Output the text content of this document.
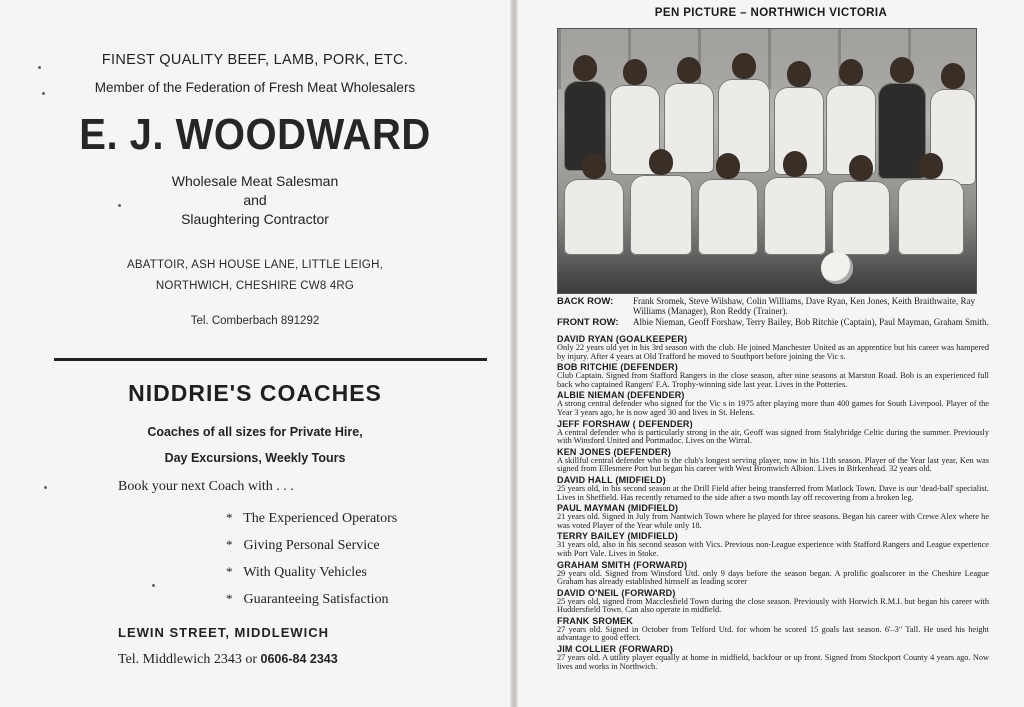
FINEST QUALITY BEEF, LAMB, PORK, ETC.
Member of the Federation of Fresh Meat Wholesalers
E. J. WOODWARD
Wholesale Meat Salesman
and
Slaughtering Contractor
ABATTOIR, ASH HOUSE LANE, LITTLE LEIGH,
NORTHWICH, CHESHIRE CW8 4RG
Tel. Comberbach 891292
NIDDRIE'S COACHES
Coaches of all sizes for Private Hire,
Day Excursions, Weekly Tours
Book your next Coach with . . .
* The Experienced Operators
* Giving Personal Service
* With Quality Vehicles
* Guaranteeing Satisfaction
LEWIN STREET, MIDDLEWICH
Tel. Middlewich 2343 or 0606-84 2343
PEN PICTURE – NORTHWICH VICTORIA
BACK ROW:	Frank Sromek, Steve Wilshaw, Colin Williams, Dave Ryan, Ken Jones, Keith Braithwaite, Ray Williams (Manager), Ron Reddy (Trainer).
FRONT ROW:	Albie Nieman, Geoff Forshaw, Terry Bailey, Bob Ritchie (Captain), Paul Mayman, Graham Smith.
DAVID RYAN (GOALKEEPER)

Only 22 years old yet in his 3rd season with the club. He joined Manchester United as an apprentice but his career was hampered by injury. After 4 years at Old Trafford he moved to Southport before joining the Vic s.

BOB RITCHIE (DEFENDER)

Club Captain. Signed from Stafford Rangers in the close season, after nine seasons at Marston Road. Bob is an experienced full back who captained Rangers' F.A. Trophy-winning side last year. Lives in the Potteries.

ALBIE NIEMAN (DEFENDER)

A strong central defender who signed for the Vic s in 1975 after playing more than 400 games for South Liverpool. Player of the Year 3 years ago, he is now aged 30 and lives in St. Helens.

JEFF FORSHAW ( DEFENDER)

A central defender who is particularly strong in the air, Geoff was signed from Stalybridge Celtic during the summer. Previously with Winsford United and Portmadoc. Lives on the Wirral.

KEN JONES (DEFENDER)

A skillful central defender who is the club's longest serving player, now in his 11th season. Player of the Year last year, Ken was signed from Ellesmere Port but began his career with West Bromwich Albion. Lives in Birkenhead. 32 years old.

DAVID HALL (MIDFIELD)

25 years old, in his second season at the Drill Field after being transferred from Matlock Town. Dave is our 'dead-ball' specialist. Lives in Sheffield. Has recently returned to the side after a two month lay off recovering from a broken leg.

PAUL MAYMAN (MIDFIELD)

21 years old. Signed in July from Nantwich Town where he played for three seasons. Began his career with Crewe Alex where he was voted Player of the Year while only 18.

TERRY BAILEY (MIDFIELD)

31 years old, also in his second season with Vics. Previous non-League experience with Stafford Rangers and League experience with Port Vale. Lives in Stoke.

GRAHAM SMITH (FORWARD)

29 years old. Signed from Winsford Utd. only 9 days before the season began. A prolific goalscorer in the Cheshire League Graham has already established himself as leading scorer

DAVID O'NEIL (FORWARD)

25 years old, signed from Macclesfield Town during the close season. Previously with Horwich R.M.I. but began his career with Huddersfield Town. Can also operate in midfield.

FRANK SROMEK

27 years old. Signed in October from Telford Utd. for whom he scored 15 goals last season. 6'–3" Tall. He used his height advantage to good effect.

JIM COLLIER (FORWARD)

27 years old. A utility player equally at home in midfield, backfour or up front. Signed from Stockport County 4 years ago. Now lives and works in Northwich.
